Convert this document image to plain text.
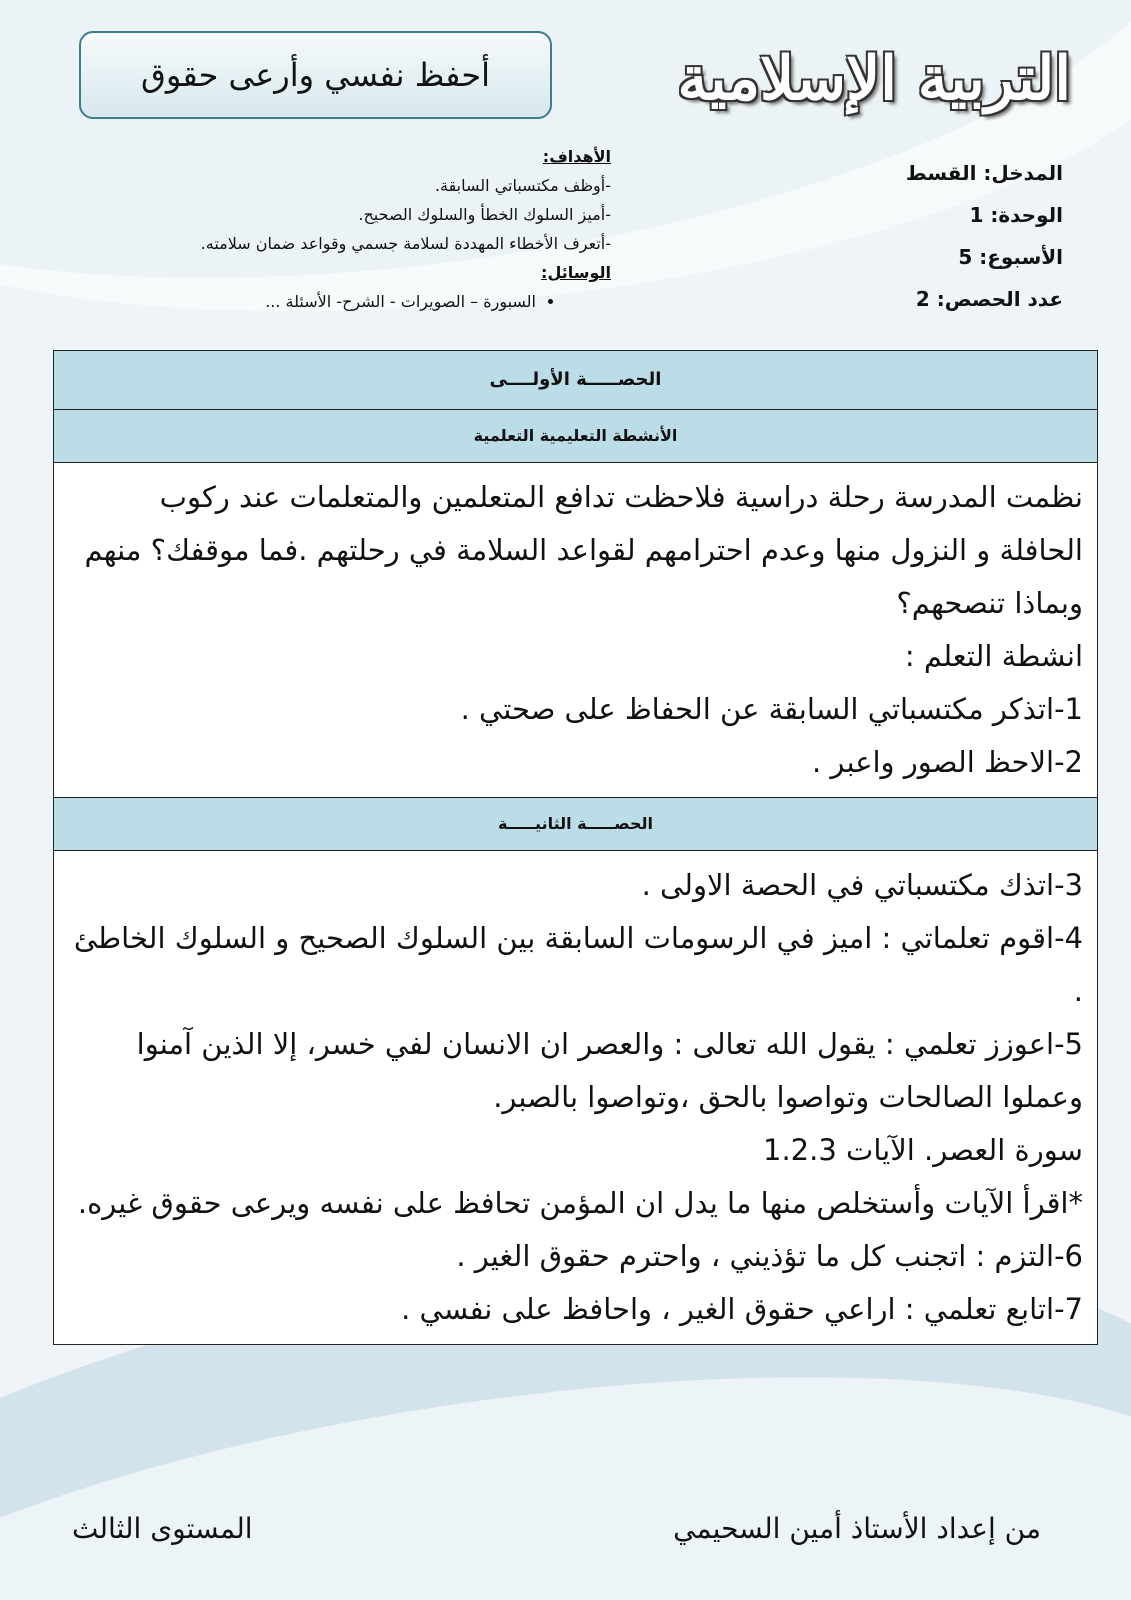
التربية الإسلامية
أحفظ نفسي وأرعى حقوق
المدخل: القسط
الوحدة: 1
الأسبوع: 5
عدد الحصص: 2
الأهداف:
-أوظف مكتسباتي السابقة.
-أميز السلوك الخطأ والسلوك الصحيح.
-أتعرف الأخطاء المهددة لسلامة جسمي وقواعد ضمان سلامته.
الوسائل:
• السبورة – الصويرات - الشرح- الأسئلة ...
الحصـــــة الأولــــى
الأنشطة التعليمية التعلمية

نظمت المدرسة رحلة دراسية فلاحظت تدافع المتعلمين والمتعلمات عند ركوب الحافلة و النزول منها وعدم احترامهم لقواعد السلامة في رحلتهم .فما موقفك؟ منهم وبماذا تنصحهم؟

انشطة التعلم :

1-اتذكر مكتسباتي السابقة عن الحفاظ على صحتي .

2-الاحظ الصور واعبر .

الحصـــــة الثانيـــــة

3-اتذك مكتسباتي في الحصة الاولى .

4-اقوم تعلماتي : اميز في الرسومات السابقة بين السلوك الصحيح و السلوك الخاطئ .

5-اعوزز تعلمي : يقول الله تعالى : والعصر ان الانسان لفي خسر، إلا الذين آمنوا وعملوا الصالحات وتواصوا بالحق ،وتواصوا بالصبر.

سورة العصر. الآيات 1.2.3

*اقرأ الآيات وأستخلص منها ما يدل ان المؤمن تحافظ على نفسه ويرعى حقوق غيره.

6-التزم : اتجنب كل ما تؤذيني ، واحترم حقوق الغير .

7-اتابع تعلمي : اراعي حقوق الغير ، واحافظ على نفسي .

المستوى الثالث	من إعداد الأستاذ أمين السحيمي
